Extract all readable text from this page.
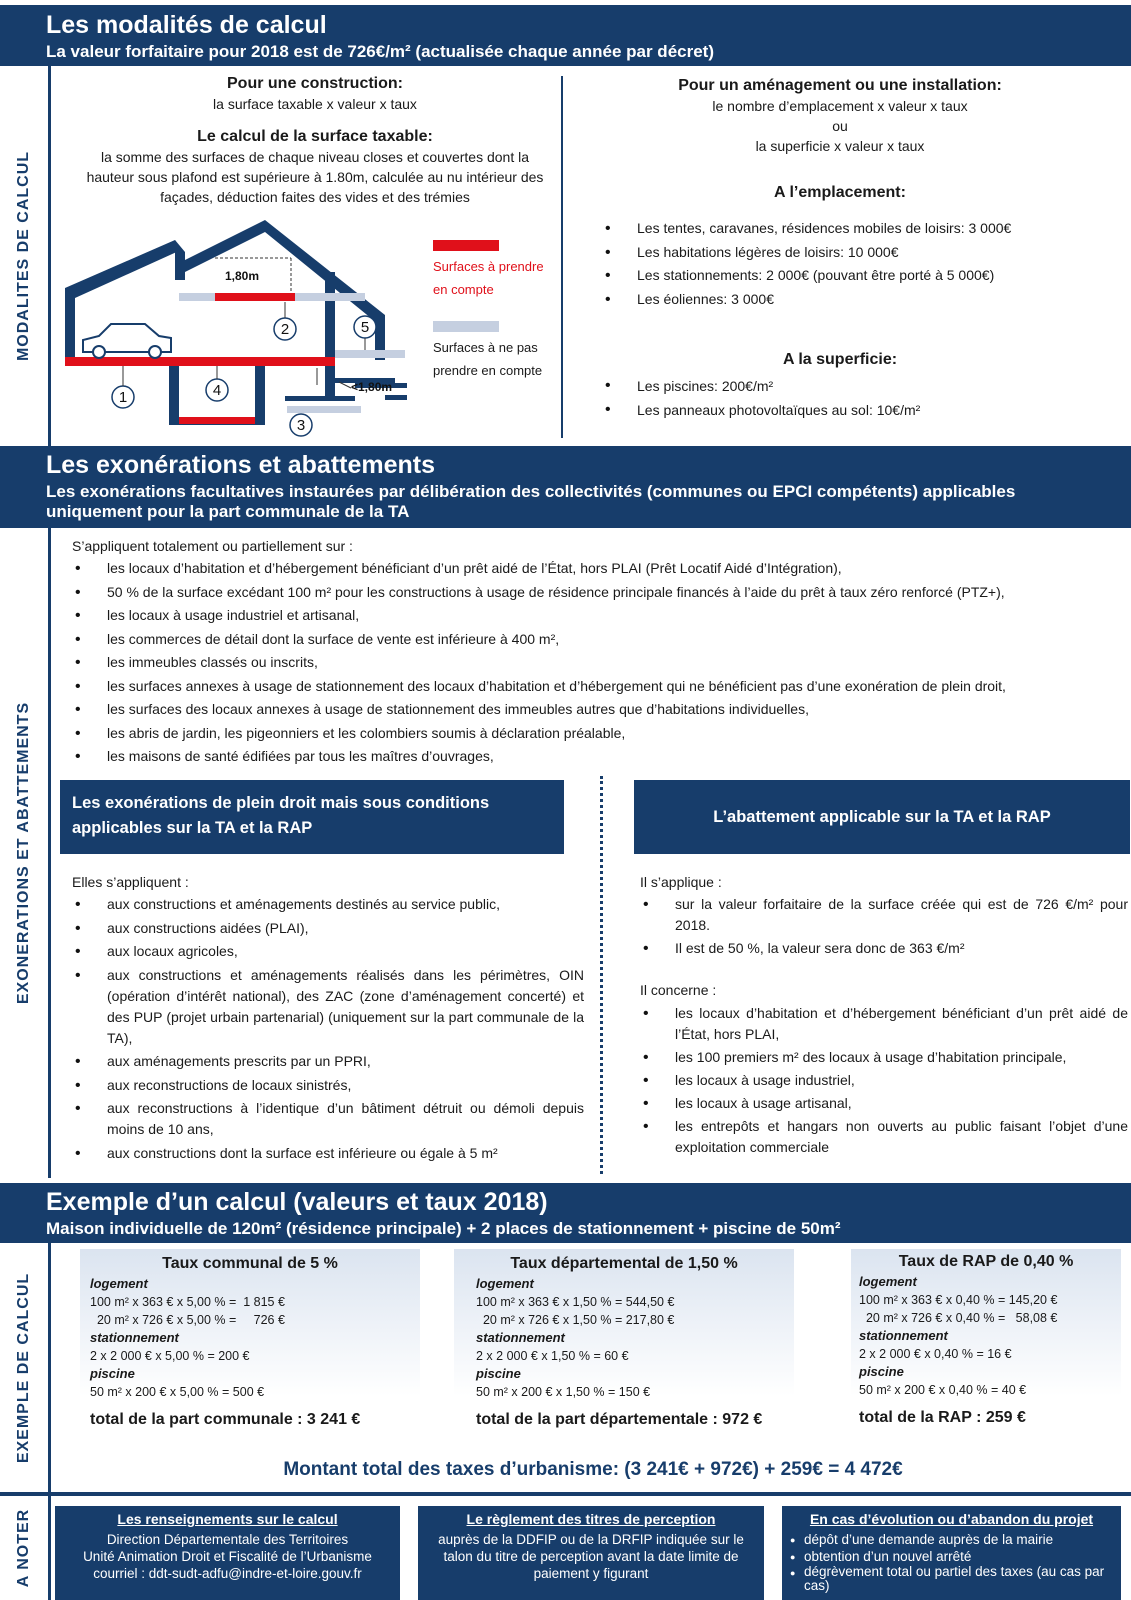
Les modalités de calcul
La valeur forfaitaire pour 2018 est de 726€/m² (actualisée chaque année par décret)
MODALITES DE CALCUL
Pour une construction:
la surface taxable x valeur x taux
Le calcul de la surface taxable:
la somme des surfaces de chaque niveau closes et couvertes dont la hauteur sous plafond est supérieure à 1.80m, calculée au nu intérieur des façades, déduction faites des vides et des trémies
1,80m
<1,80m
1
2
3
4
5
Surfaces à prendre en compte
Surfaces à ne pas prendre en compte
Pour un aménagement ou une installation:
le nombre d’emplacement x valeur x taux
ou
la superficie x valeur x taux
A l’emplacement:
• Les tentes, caravanes, résidences mobiles de loisirs: 3 000€
• Les habitations légères de loisirs: 10 000€
• Les stationnements: 2 000€ (pouvant être porté à 5 000€)
• Les éoliennes: 3 000€
A la superficie:
• Les piscines: 200€/m²
• Les panneaux photovoltaïques au sol: 10€/m²
Les exonérations et abattements
Les exonérations facultatives instaurées par délibération des collectivités (communes ou EPCI compétents) applicables uniquement pour la part communale de la TA
EXONERATIONS ET ABATTEMENTS
S’appliquent totalement ou partiellement sur :
• les locaux d’habitation et d’hébergement bénéficiant d’un prêt aidé de l’État, hors PLAI (Prêt Locatif Aidé d’Intégration),
• 50 % de la surface excédant 100 m² pour les constructions à usage de résidence principale financés à l’aide du prêt à taux zéro renforcé (PTZ+),
• les locaux à usage industriel et artisanal,
• les commerces de détail dont la surface de vente est inférieure à 400 m²,
• les immeubles classés ou inscrits,
• les surfaces annexes à usage de stationnement des locaux d’habitation et d’hébergement qui ne bénéficient pas d’une exonération de plein droit,
• les surfaces des locaux annexes à usage de stationnement des immeubles autres que d’habitations individuelles,
• les abris de jardin, les pigeonniers et les colombiers soumis à déclaration préalable,
• les maisons de santé édifiées par tous les maîtres d’ouvrages,
Les exonérations de plein droit mais sous conditions applicables sur la TA et la RAP
L’abattement applicable sur la TA et la RAP
Elles s’appliquent :
• aux constructions et aménagements destinés au service public,
• aux constructions aidées (PLAI),
• aux locaux agricoles,
• aux constructions et aménagements réalisés dans les périmètres, OIN (opération d’intérêt national), des ZAC (zone d’aménagement concerté) et des PUP (projet urbain partenarial) (uniquement sur la part communale de la TA),
• aux aménagements prescrits par un PPRI,
• aux reconstructions de locaux sinistrés,
• aux reconstructions à l’identique d’un bâtiment détruit ou démoli depuis moins de 10 ans,
• aux constructions dont la surface est inférieure ou égale à 5 m²
Il s’applique :
• sur la valeur forfaitaire de la surface créée qui est de 726 €/m² pour 2018.
• Il est de 50 %, la valeur sera donc de 363 €/m²
Il concerne :
• les locaux d’habitation et d’hébergement bénéficiant d’un prêt aidé de l’État, hors PLAI,
• les 100 premiers m² des locaux à usage d’habitation principale,
• les locaux à usage industriel,
• les locaux à usage artisanal,
• les entrepôts et hangars non ouverts au public faisant l’objet d’une exploitation commerciale
Exemple d’un calcul (valeurs et taux 2018)
Maison individuelle de 120m² (résidence principale) + 2 places de stationnement + piscine de 50m²
EXEMPLE DE CALCUL
Taux communal de 5 %
logement
100 m² x 363 € x 5,00 % =  1 815 €
20 m² x 726 € x 5,00 % =     726 €
stationnement
2 x 2 000 € x 5,00 % = 200 €
piscine
50 m² x 200 € x 5,00 % = 500 €
total de la part communale : 3 241 €
Taux départemental de 1,50 %
logement
100 m² x 363 € x 1,50 % = 544,50 €
20 m² x 726 € x 1,50 % = 217,80 €
stationnement
2 x 2 000 € x 1,50 % = 60 €
piscine
50 m² x 200 € x 1,50 % = 150 €
total de la part départementale : 972 €
Taux de RAP de 0,40 %
logement
100 m² x 363 € x 0,40 % = 145,20 €
20 m² x 726 € x 0,40 % =   58,08 €
stationnement
2 x 2 000 € x 0,40 % = 16 €
piscine
50 m² x 200 € x 0,40 % = 40 €
total de la RAP : 259 €
Montant total des taxes d’urbanisme: (3 241€ + 972€) + 259€ = 4 472€
A NOTER	Les renseignements sur le calcul
Direction Départementale des Territoires
Unité Animation Droit et Fiscalité de l’Urbanisme
courriel : ddt-sudt-adfu@indre-et-loire.gouv.fr
Le règlement des titres de perception
auprès de la DDFIP ou de la DRFIP indiquée sur le talon du titre de perception avant la date limite de paiement y figurant
En cas d’évolution ou d’abandon du projet
● dépôt d’une demande auprès de la mairie
● obtention d’un nouvel arrêté
● dégrèvement total ou partiel des taxes (au cas par cas)
